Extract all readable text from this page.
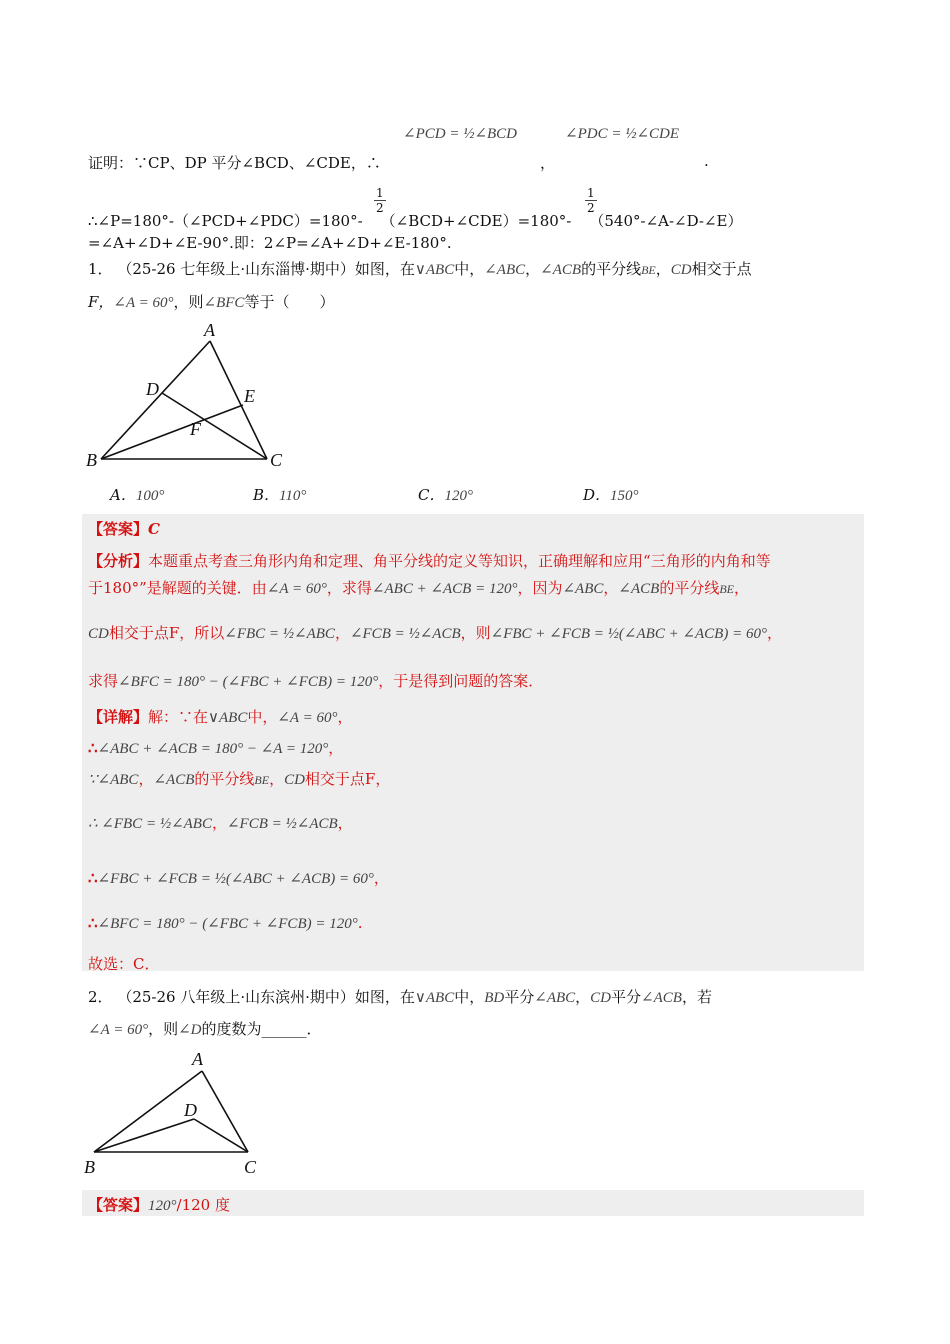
∠PCD = ½∠BCD	∠PDC = ½∠CDE
证明：∵CP、DP 平分∠BCD、∠CDE，∴	，	.
$\frac{1}{2}$	$\frac{1}{2}$
∴∠P=180°-（∠PCD+∠PDC）=180°- （∠BCD+∠CDE）=180°- （540°-∠A-∠D-∠E）
=∠A+∠D+∠E-90°.即：2∠P=∠A+∠D+∠E-180°.
1． （25-26 七年级上·山东淄博·期中）如图，在∨ABC中，∠ABC，∠ACB的平分线BE，CD相交于点
F，∠A = 60°，则∠BFC等于（　　）
A
D	E
F
B	C
A．100°	B．110°	C．120°	D．150°
【答案】C
【分析】本题重点考查三角形内角和定理、角平分线的定义等知识，正确理解和应用“三角形的内角和等
于180°”是解题的关键．由∠A = 60°，求得∠ABC + ∠ACB = 120°，因为∠ABC，∠ACB的平分线BE，
CD相交于点F，所以∠FBC = ½∠ABC，∠FCB = ½∠ACB，则∠FBC + ∠FCB = ½(∠ABC + ∠ACB) = 60°，
求得∠BFC = 180° − (∠FBC + ∠FCB) = 120°，于是得到问题的答案．
【详解】解：∵在∨ABC中，∠A = 60°，
∴∠ABC + ∠ACB = 180° − ∠A = 120°，
∵∠ABC，∠ACB的平分线BE，CD相交于点F，
∴ ∠FBC = ½∠ABC，∠FCB = ½∠ACB，
∴∠FBC + ∠FCB = ½(∠ABC + ∠ACB) = 60°，
∴∠BFC = 180° − (∠FBC + ∠FCB) = 120°.
故选：C．
2． （25-26 八年级上·山东滨州·期中）如图，在∨ABC中，BD平分∠ABC，CD平分∠ACB，若
∠A = 60°，则∠D的度数为______．
A
D
B	C
【答案】120°/120 度
